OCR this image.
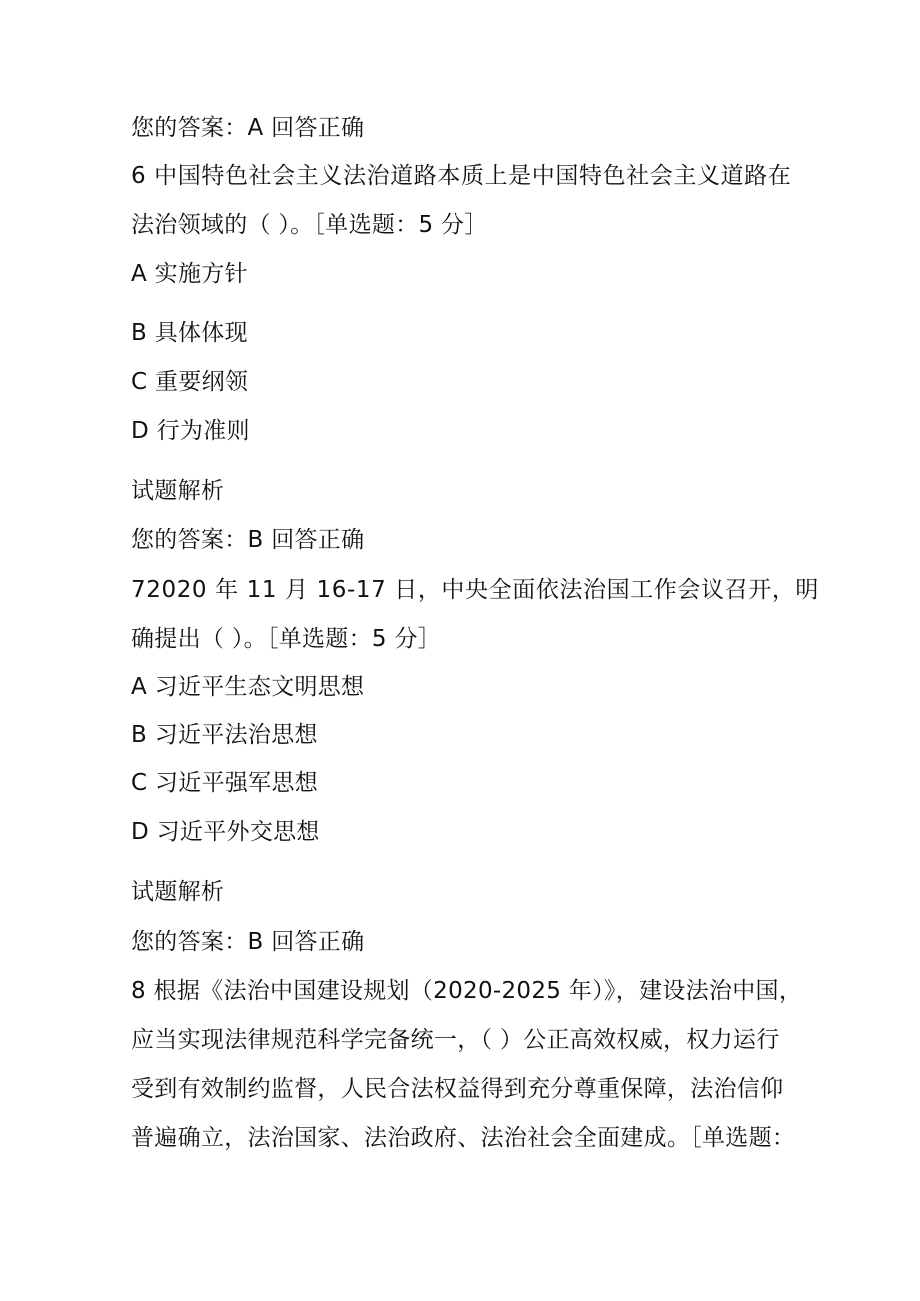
您的答案：A 回答正确
6 中国特色社会主义法治道路本质上是中国特色社会主义道路在
法治领域的（ ）。［单选题：5 分］
A 实施方针
B 具体体现
C 重要纲领
D 行为准则
试题解析
您的答案：B 回答正确
72020 年 11 月 16-17 日，中央全面依法治国工作会议召开，明
确提出（ ）。［单选题：5 分］
A 习近平生态文明思想
B 习近平法治思想
C 习近平强军思想
D 习近平外交思想
试题解析
您的答案：B 回答正确
8 根据《法治中国建设规划（2020-2025 年）》，建设法治中国，
应当实现法律规范科学完备统一，（ ）公正高效权威，权力运行
受到有效制约监督，人民合法权益得到充分尊重保障，法治信仰
普遍确立，法治国家、法治政府、法治社会全面建成。［单选题：
